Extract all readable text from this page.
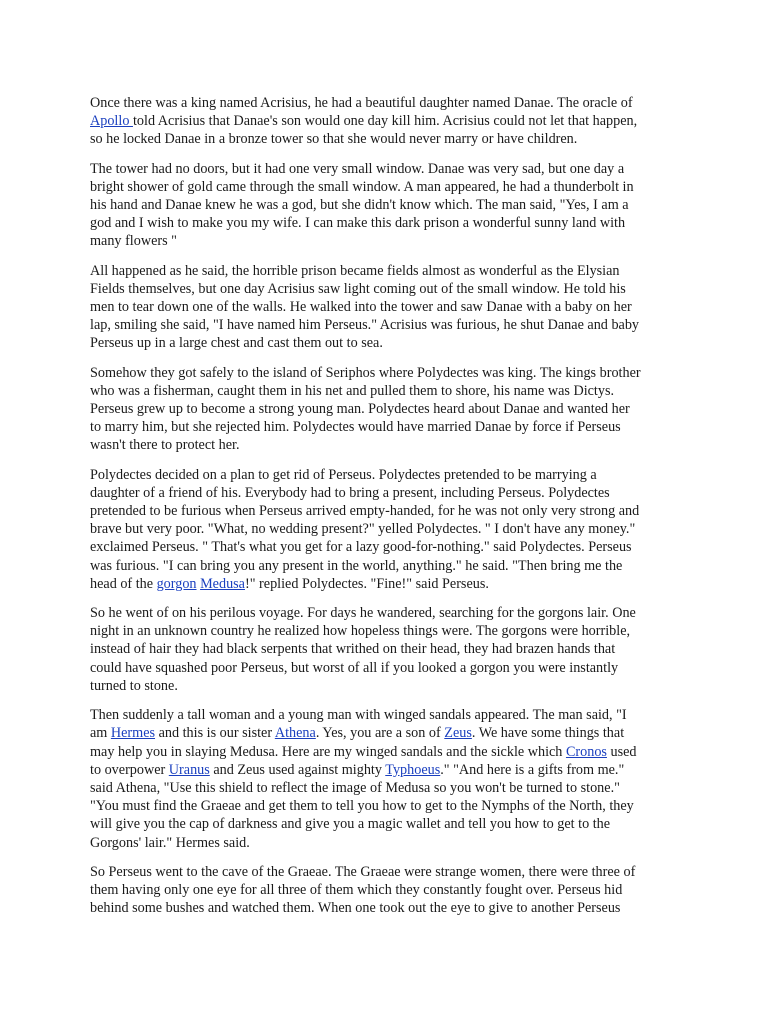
Once there was a king named Acrisius, he had a beautiful daughter named Danae. The oracle of
Apollo told Acrisius that Danae's son would one day kill him. Acrisius could not let that happen,
so he locked Danae in a bronze tower so that she would never marry or have children.

The tower had no doors, but it had one very small window. Danae was very sad, but one day a
bright shower of gold came through the small window. A man appeared, he had a thunderbolt in
his hand and Danae knew he was a god, but she didn't know which. The man said, "Yes, I am a
god and I wish to make you my wife. I can make this dark prison a wonderful sunny land with
many flowers "

All happened as he said, the horrible prison became fields almost as wonderful as the Elysian
Fields themselves, but one day Acrisius saw light coming out of the small window. He told his
men to tear down one of the walls. He walked into the tower and saw Danae with a baby on her
lap, smiling she said, "I have named him Perseus." Acrisius was furious, he shut Danae and baby
Perseus up in a large chest and cast them out to sea.

Somehow they got safely to the island of Seriphos where Polydectes was king. The kings brother
who was a fisherman, caught them in his net and pulled them to shore, his name was Dictys.
Perseus grew up to become a strong young man. Polydectes heard about Danae and wanted her
to marry him, but she rejected him. Polydectes would have married Danae by force if Perseus
wasn't there to protect her.

Polydectes decided on a plan to get rid of Perseus. Polydectes pretended to be marrying a
daughter of a friend of his. Everybody had to bring a present, including Perseus. Polydectes
pretended to be furious when Perseus arrived empty-handed, for he was not only very strong and
brave but very poor. "What, no wedding present?" yelled Polydectes. " I don't have any money."
exclaimed Perseus. " That's what you get for a lazy good-for-nothing." said Polydectes. Perseus
was furious. "I can bring you any present in the world, anything." he said. "Then bring me the
head of the gorgon Medusa!" replied Polydectes. "Fine!" said Perseus.

So he went of on his perilous voyage. For days he wandered, searching for the gorgons lair. One
night in an unknown country he realized how hopeless things were. The gorgons were horrible,
instead of hair they had black serpents that writhed on their head, they had brazen hands that
could have squashed poor Perseus, but worst of all if you looked a gorgon you were instantly
turned to stone.

Then suddenly a tall woman and a young man with winged sandals appeared. The man said, "I
am Hermes and this is our sister Athena. Yes, you are a son of Zeus. We have some things that
may help you in slaying Medusa. Here are my winged sandals and the sickle which Cronos used
to overpower Uranus and Zeus used against mighty Typhoeus." "And here is a gifts from me."
said Athena, "Use this shield to reflect the image of Medusa so you won't be turned to stone."
"You must find the Graeae and get them to tell you how to get to the Nymphs of the North, they
will give you the cap of darkness and give you a magic wallet and tell you how to get to the
Gorgons' lair." Hermes said.

So Perseus went to the cave of the Graeae. The Graeae were strange women, there were three of
them having only one eye for all three of them which they constantly fought over. Perseus hid
behind some bushes and watched them. When one took out the eye to give to another Perseus
